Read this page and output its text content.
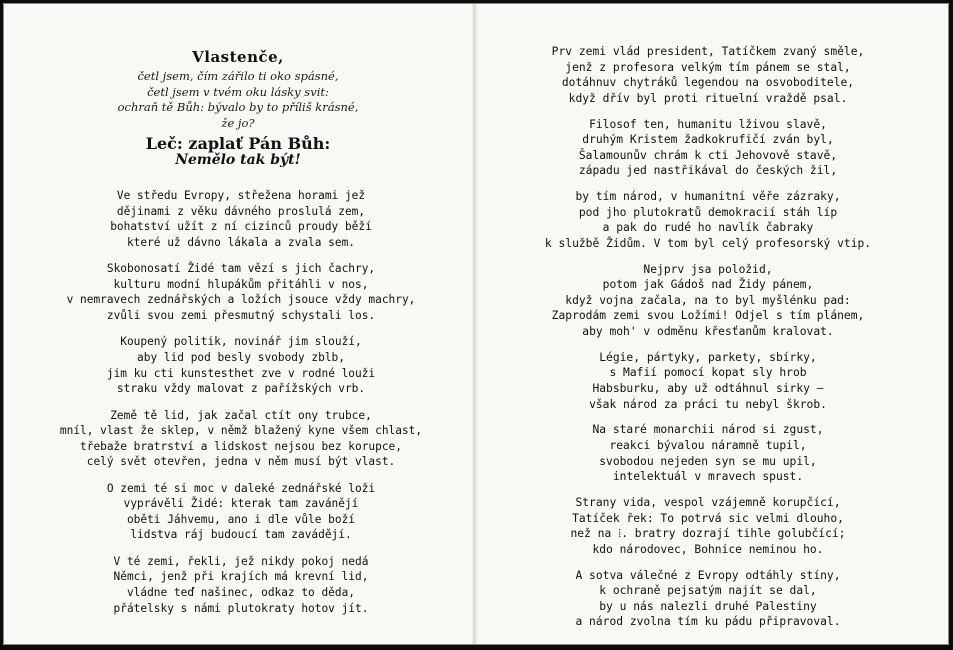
Vlastenče,
četl jsem, čím zářilo ti oko spásné,
četl jsem v tvém oku lásky svit:
ochraň tě Bůh: bývalo by to příliš krásné,
že jo?
Leč: zaplať Pán Bůh:
Nemělo tak být!
Ve středu Evropy, střežena horami jež
dějinami z věku dávného proslulá zem,
bohatství užít z ní cizinců proudy běží
které už dávno lákala a zvala sem.
Skobonosatí Židé tam vězí s jich čachry,
kulturu modní hlupákům přitáhli v nos,
v nemravech zednářských a ložích jsouce vždy machry,
zvůli svou zemi přesmutný schystali los.
Koupený politik, novinář jim slouží,
aby lid pod besly svobody zblb,
jim ku cti kunstesthet zve v rodné louži
straku vždy malovat z pařížských vrb.
Země tě lid, jak začal ctít ony trubce,
mníl, vlast že sklep, v němž blažený kyne všem chlast,
třebaže bratrství a lidskost nejsou bez korupce,
celý svět otevřen, jedna v něm musí být vlast.
O zemi té si moc v daleké zednářské loži
vyprávěli Židé: kterak tam zavánějí
oběti Jáhvemu, ano i dle vůle boží
lidstva ráj budoucí tam zavádějí.
V té zemi, řekli, jež nikdy pokoj nedá
Němci, jenž při krajích má krevní lid,
vládne teď našinec, odkaz to děda,
přátelsky s námi plutokraty hotov jít.
Prv zemi vlád president, Tatíčkem zvaný směle,
jenž z profesora velkým tím pánem se stal,
dotáhnuv chytráků legendou na osvoboditele,
když dřív byl proti rituelní vraždě psal.
Filosof ten, humanitu lživou slavě,
druhým Kristem žadkokrufičí zván byl,
Šalamounův chrám k cti Jehovově stavě,
západu jed nastřikával do českých žil,
by tím národ, v humanitní věře zázraky,
pod jho plutokratů demokracií stáh líp
a pak do rudé ho navlík čabraky
k službě Židům. V tom byl celý profesorský vtip.
Nejprv jsa položid,
potom jak Gádoš nad Židy pánem,
když vojna začala, na to byl myšlénku pad:
Zaprodám zemi svou Ložími! Odjel s tím plánem,
aby moh' v odměnu křesťanům kralovat.
Légie, pártyky, parkety, sbírky,
s Mafií pomocí kopat sly hrob
Habsburku, aby už odtáhnul sirky —
však národ za práci tu nebyl škrob.
Na staré monarchii národ si zgust,
reakci bývalou náramně tupil,
svobodou nejeden syn se mu upil,
intelektuál v mravech spust.
Strany vida, vespol vzájemně korupčící,
Tatíček řek: To potrvá sic velmi dlouho,
než na ⁞. bratry dozrají tihle golubčící;
kdo národovec, Bohnice neminou ho.
A sotva válečné z Evropy odtáhly stíny,
k ochraně pejsatým najít se dal,
by u nás nalezli druhé Palestiny
a národ zvolna tím ku pádu připravoval.
